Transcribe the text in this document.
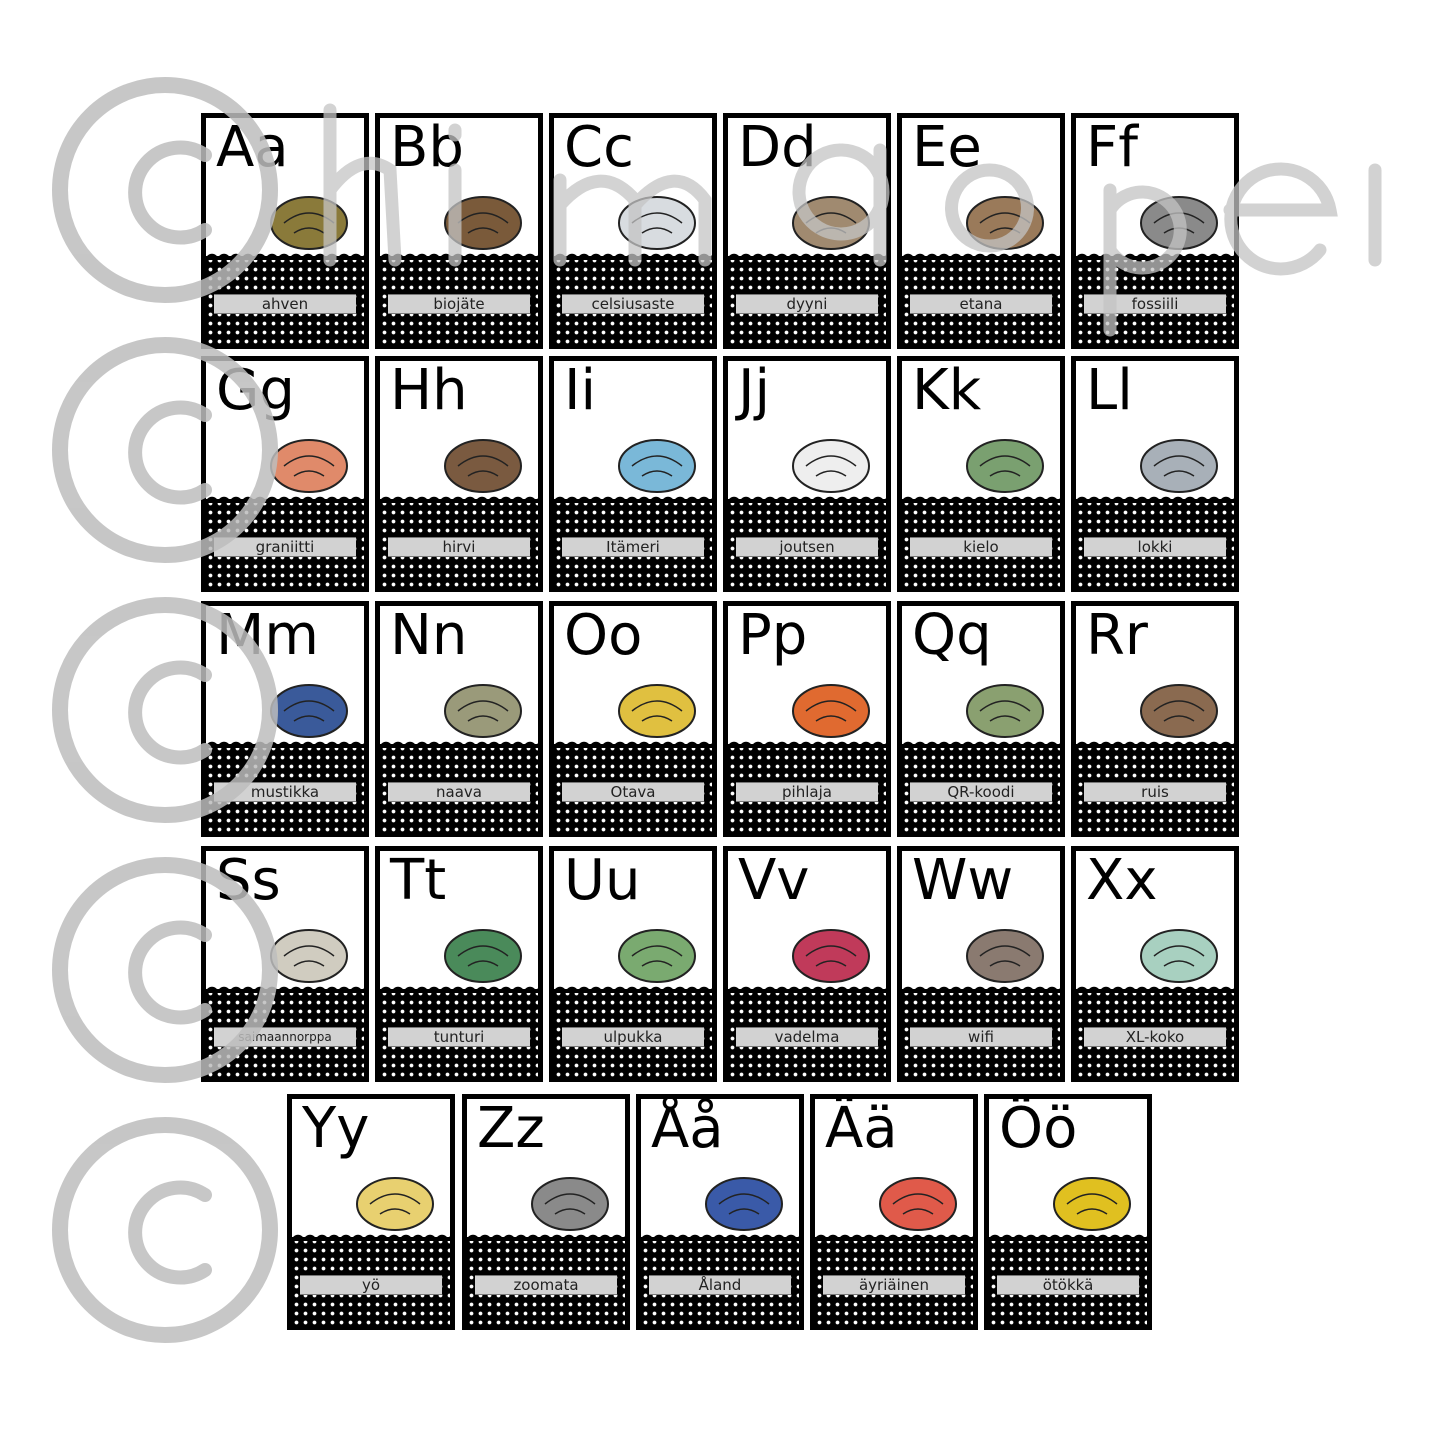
Aa
ahven
Bb
biojäte
Cc
celsiusaste
Dd
dyyni
Ee
etana
Ff
fossiili
Gg
graniitti
Hh
hirvi
Ii
Itämeri
Jj
joutsen
Kk
kielo
Ll
lokki
Mm
mustikka
Nn
naava
Oo
Otava
Pp
pihlaja
Qq
QR-koodi
Rr
ruis
Ss
saimaannorppa
Tt
tunturi
Uu
ulpukka
Vv
vadelma
Ww
wifi
Xx
XL-koko
Yy
yö
Zz
zoomata
Åå
Åland
Ää
äyriäinen
Öö
ötökkä
